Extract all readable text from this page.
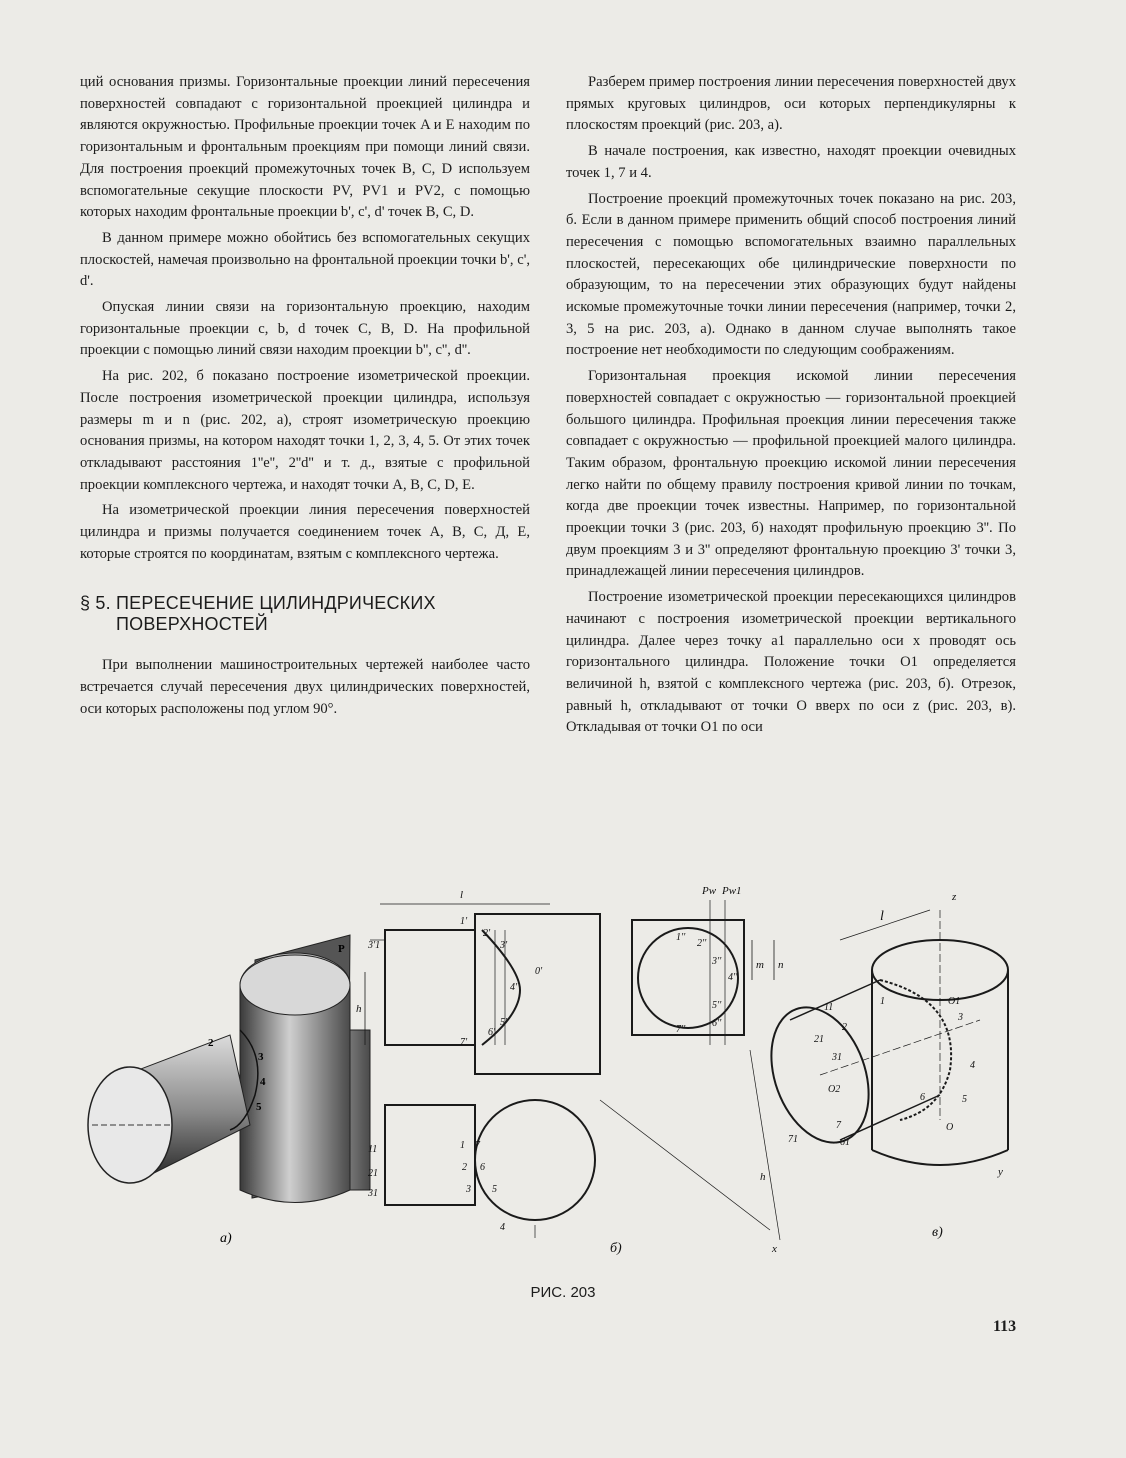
ций основания призмы. Горизонтальные проекции линий пересечения поверхностей совпадают с горизонтальной проекцией цилиндра и являются окружностью. Профильные проекции точек A и E находим по горизонтальным и фронтальным проекциям при помощи линий связи. Для построения проекций промежуточных точек B, C, D используем вспомогательные секущие плоскости PV, PV1 и PV2, с помощью которых находим фронтальные проекции b', c', d' точек B, C, D.

В данном примере можно обойтись без вспомогательных секущих плоскостей, намечая произвольно на фронтальной проекции точки b', c', d'.

Опуская линии связи на горизонтальную проекцию, находим горизонтальные проекции c, b, d точек C, B, D. На профильной проекции с помощью линий связи находим проекции b'', c'', d''.

На рис. 202, б показано построение изометрической проекции. После построения изометрической проекции цилиндра, используя размеры m и n (рис. 202, а), строят изометрическую проекцию основания призмы, на котором находят точки 1, 2, 3, 4, 5. От этих точек откладывают расстояния 1''e'', 2''d'' и т. д., взятые с профильной проекции комплексного чертежа, и находят точки A, B, C, D, E.

На изометрической проекции линия пересечения поверхностей цилиндра и призмы получается соединением точек A, B, C, Д, E, которые строятся по координатам, взятым с комплексного чертежа.

§ 5. ПЕРЕСЕЧЕНИЕ ЦИЛИНДРИЧЕСКИХ
ПОВЕРХНОСТЕЙ

При выполнении машиностроительных чертежей наиболее часто встречается случай пересечения двух цилиндрических поверхностей, оси которых расположены под углом 90°.

Разберем пример построения линии пересечения поверхностей двух прямых круговых цилиндров, оси которых перпендикулярны к плоскостям проекций (рис. 203, а).

В начале построения, как известно, находят проекции очевидных точек 1, 7 и 4.

Построение проекций промежуточных точек показано на рис. 203, б. Если в данном примере применить общий способ построения линий пересечения с помощью вспомогательных взаимно параллельных плоскостей, пересекающих обе цилиндрические поверхности по образующим, то на пересечении этих образующих будут найдены искомые промежуточные точки линии пересечения (например, точки 2, 3, 5 на рис. 203, а). Однако в данном случае выполнять такое построение нет необходимости по следующим соображениям.

Горизонтальная проекция искомой линии пересечения поверхностей совпадает с окружностью — горизонтальной проекцией большого цилиндра. Профильная проекция линии пересечения также совпадает с окружностью — профильной проекцией малого цилиндра. Таким образом, фронтальную проекцию искомой линии пересечения легко найти по общему правилу построения кривой линии по точкам, когда две проекции точек известны. Например, по горизонтальной проекции точки 3 (рис. 203, б) находят профильную проекцию 3''. По двум проекциям 3 и 3'' определяют фронтальную проекцию 3' точки 3, принадлежащей линии пересечения цилиндров.

Построение изометрической проекции пересекающихся цилиндров начинают с построения изометрической проекции вертикального цилиндра. Далее через точку a1 параллельно оси x проводят ось горизонтального цилиндра. Положение точки O1 определяется величиной h, взятой с комплексного чертежа (рис. 203, б). Отрезок, равный h, откладывают от точки O вверх по оси z (рис. 203, в). Откладывая от точки O1 по оси

2
3
4
5
P
а)
l
h
1'
2'
3'
4'
5'
6'
7'
3'1
0'
Pw Pw1
m n
1''
2''
3''
4''
5''
6''
7''
x
1 7
2 6
3 5
4
11
21
31
б)
z
y
l
h
1
2
3
4
5
6
7	O
O1
O2
21
31
61
71
11
в)
РИС. 203
113
